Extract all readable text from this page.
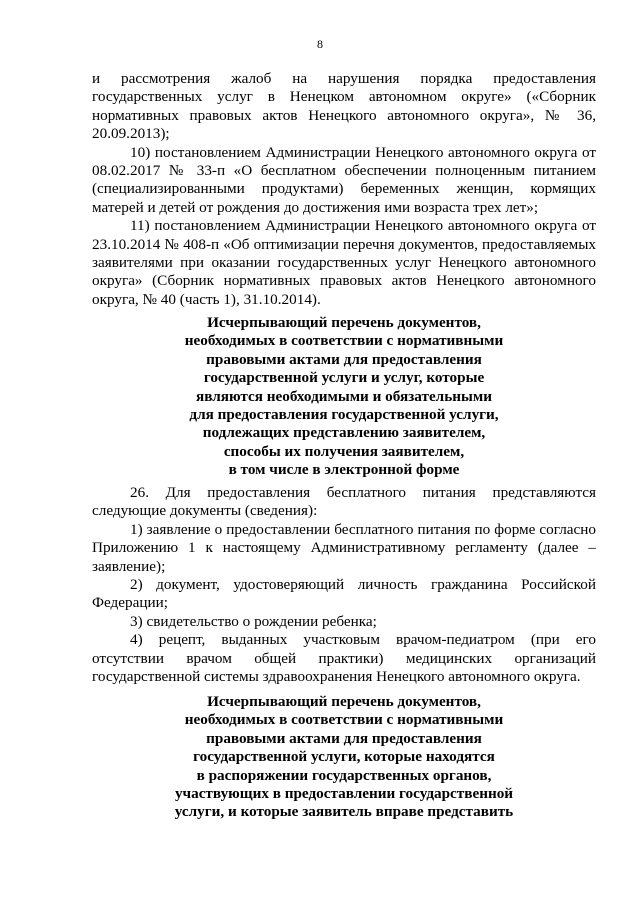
8

и рассмотрения жалоб на нарушения порядка предоставления государственных услуг в Ненецком автономном округе» («Сборник нормативных правовых актов Ненецкого автономного округа», № 36, 20.09.2013);

10) постановлением Администрации Ненецкого автономного округа от 08.02.2017 № 33-п «О бесплатном обеспечении полноценным питанием (специализированными продуктами) беременных женщин, кормящих матерей и детей от рождения до достижения ими возраста трех лет»;

11) постановлением Администрации Ненецкого автономного округа от 23.10.2014 № 408-п «Об оптимизации перечня документов, предоставляемых заявителями при оказании государственных услуг Ненецкого автономного округа» (Сборник нормативных правовых актов Ненецкого автономного округа, № 40 (часть 1), 31.10.2014).

Исчерпывающий перечень документов,
необходимых в соответствии с нормативными
правовыми актами для предоставления
государственной услуги и услуг, которые
являются необходимыми и обязательными
для предоставления государственной услуги,
подлежащих представлению заявителем,
способы их получения заявителем,
в том числе в электронной форме

26. Для предоставления бесплатного питания представляются следующие документы (сведения):

1) заявление о предоставлении бесплатного питания по форме согласно Приложению 1 к настоящему Административному регламенту (далее – заявление);

2) документ, удостоверяющий личность гражданина Российской Федерации;

3) свидетельство о рождении ребенка;

4) рецепт, выданных участковым врачом-педиатром (при его отсутствии врачом общей практики) медицинских организаций государственной системы здравоохранения Ненецкого автономного округа.

Исчерпывающий перечень документов,
необходимых в соответствии с нормативными
правовыми актами для предоставления
государственной услуги, которые находятся
в распоряжении государственных органов,
участвующих в предоставлении государственной
услуги, и которые заявитель вправе представить
